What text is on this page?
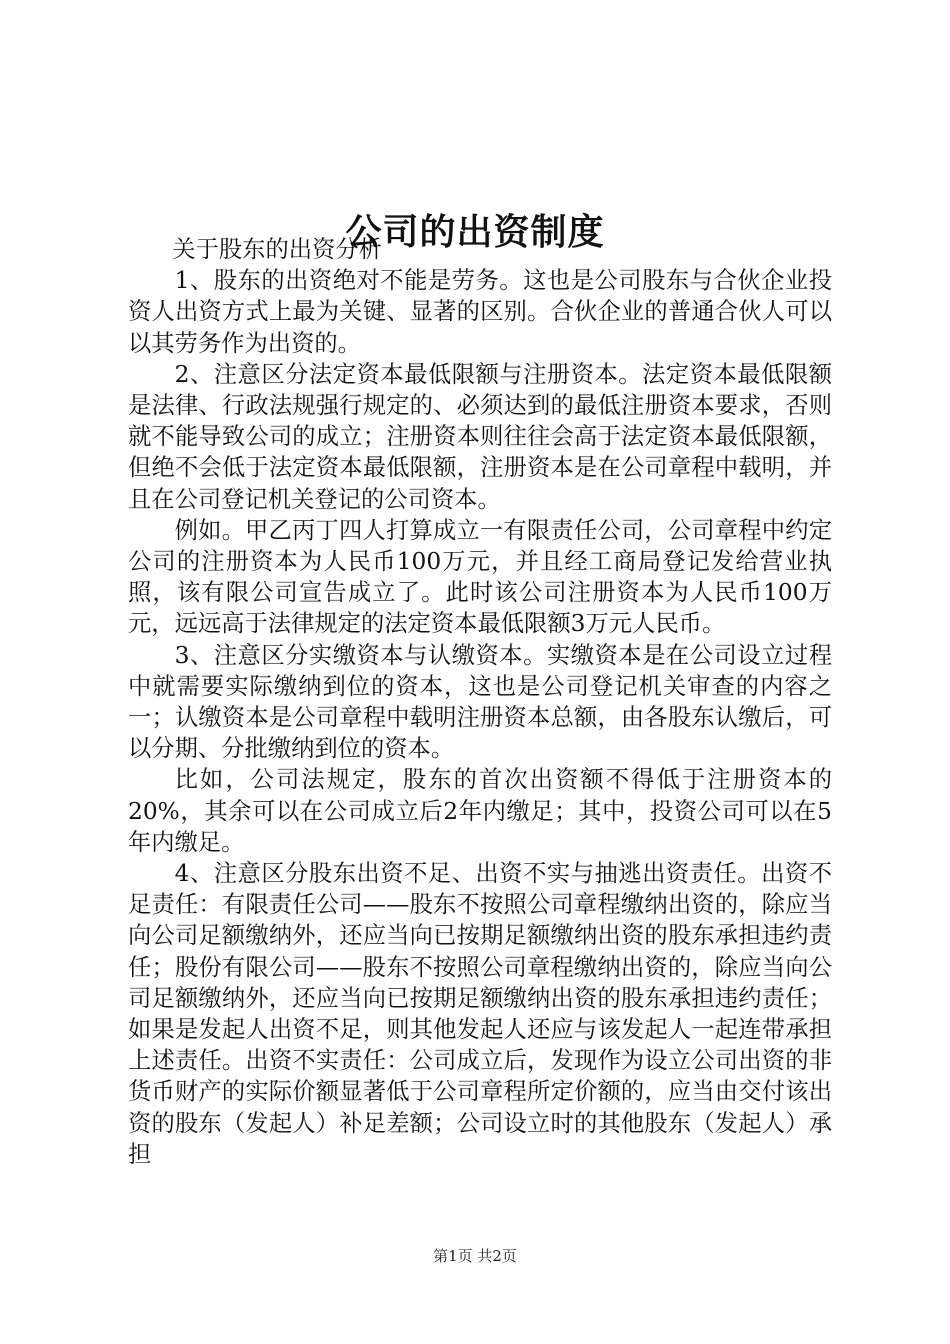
公司的出资制度

关于股东的出资分析

1、股东的出资绝对不能是劳务。这也是公司股东与合伙企业投资人出资方式上最为关键、显著的区别。合伙企业的普通合伙人可以以其劳务作为出资的。

2、注意区分法定资本最低限额与注册资本。法定资本最低限额是法律、行政法规强行规定的、必须达到的最低注册资本要求，否则就不能导致公司的成立；注册资本则往往会高于法定资本最低限额，但绝不会低于法定资本最低限额，注册资本是在公司章程中载明，并且在公司登记机关登记的公司资本。

例如。甲乙丙丁四人打算成立一有限责任公司，公司章程中约定公司的注册资本为人民币100万元，并且经工商局登记发给营业执照，该有限公司宣告成立了。此时该公司注册资本为人民币100万元，远远高于法律规定的法定资本最低限额3万元人民币。

3、注意区分实缴资本与认缴资本。实缴资本是在公司设立过程中就需要实际缴纳到位的资本，这也是公司登记机关审查的内容之一；认缴资本是公司章程中载明注册资本总额，由各股东认缴后，可以分期、分批缴纳到位的资本。

比如，公司法规定，股东的首次出资额不得低于注册资本的20%，其余可以在公司成立后2年内缴足；其中，投资公司可以在5年内缴足。

4、注意区分股东出资不足、出资不实与抽逃出资责任。出资不足责任：有限责任公司——股东不按照公司章程缴纳出资的，除应当向公司足额缴纳外，还应当向已按期足额缴纳出资的股东承担违约责任；股份有限公司——股东不按照公司章程缴纳出资的，除应当向公司足额缴纳外，还应当向已按期足额缴纳出资的股东承担违约责任；如果是发起人出资不足，则其他发起人还应与该发起人一起连带承担上述责任。出资不实责任：公司成立后，发现作为设立公司出资的非货币财产的实际价额显著低于公司章程所定价额的，应当由交付该出资的股东（发起人）补足差额；公司设立时的其他股东（发起人）承担

第1页 共2页
